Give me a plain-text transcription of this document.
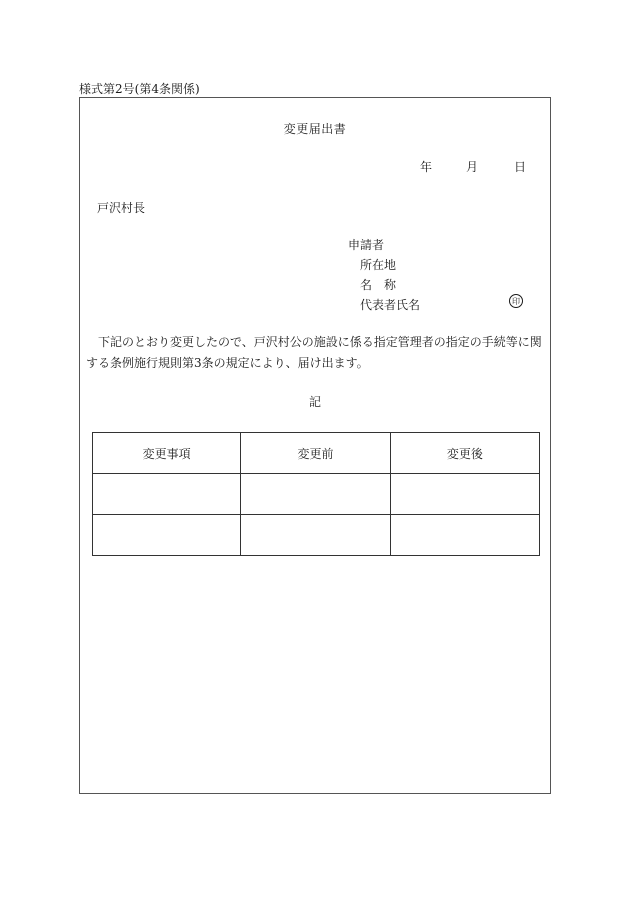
様式第2号(第4条関係)
変更届出書
年	月	日
戸沢村長
申請者
所在地
名　称
代表者氏名	印
下記のとおり変更したので、戸沢村公の施設に係る指定管理者の指定の手続等に関する条例施行規則第3条の規定により、届け出ます。
記
変更事項	変更前	変更後
